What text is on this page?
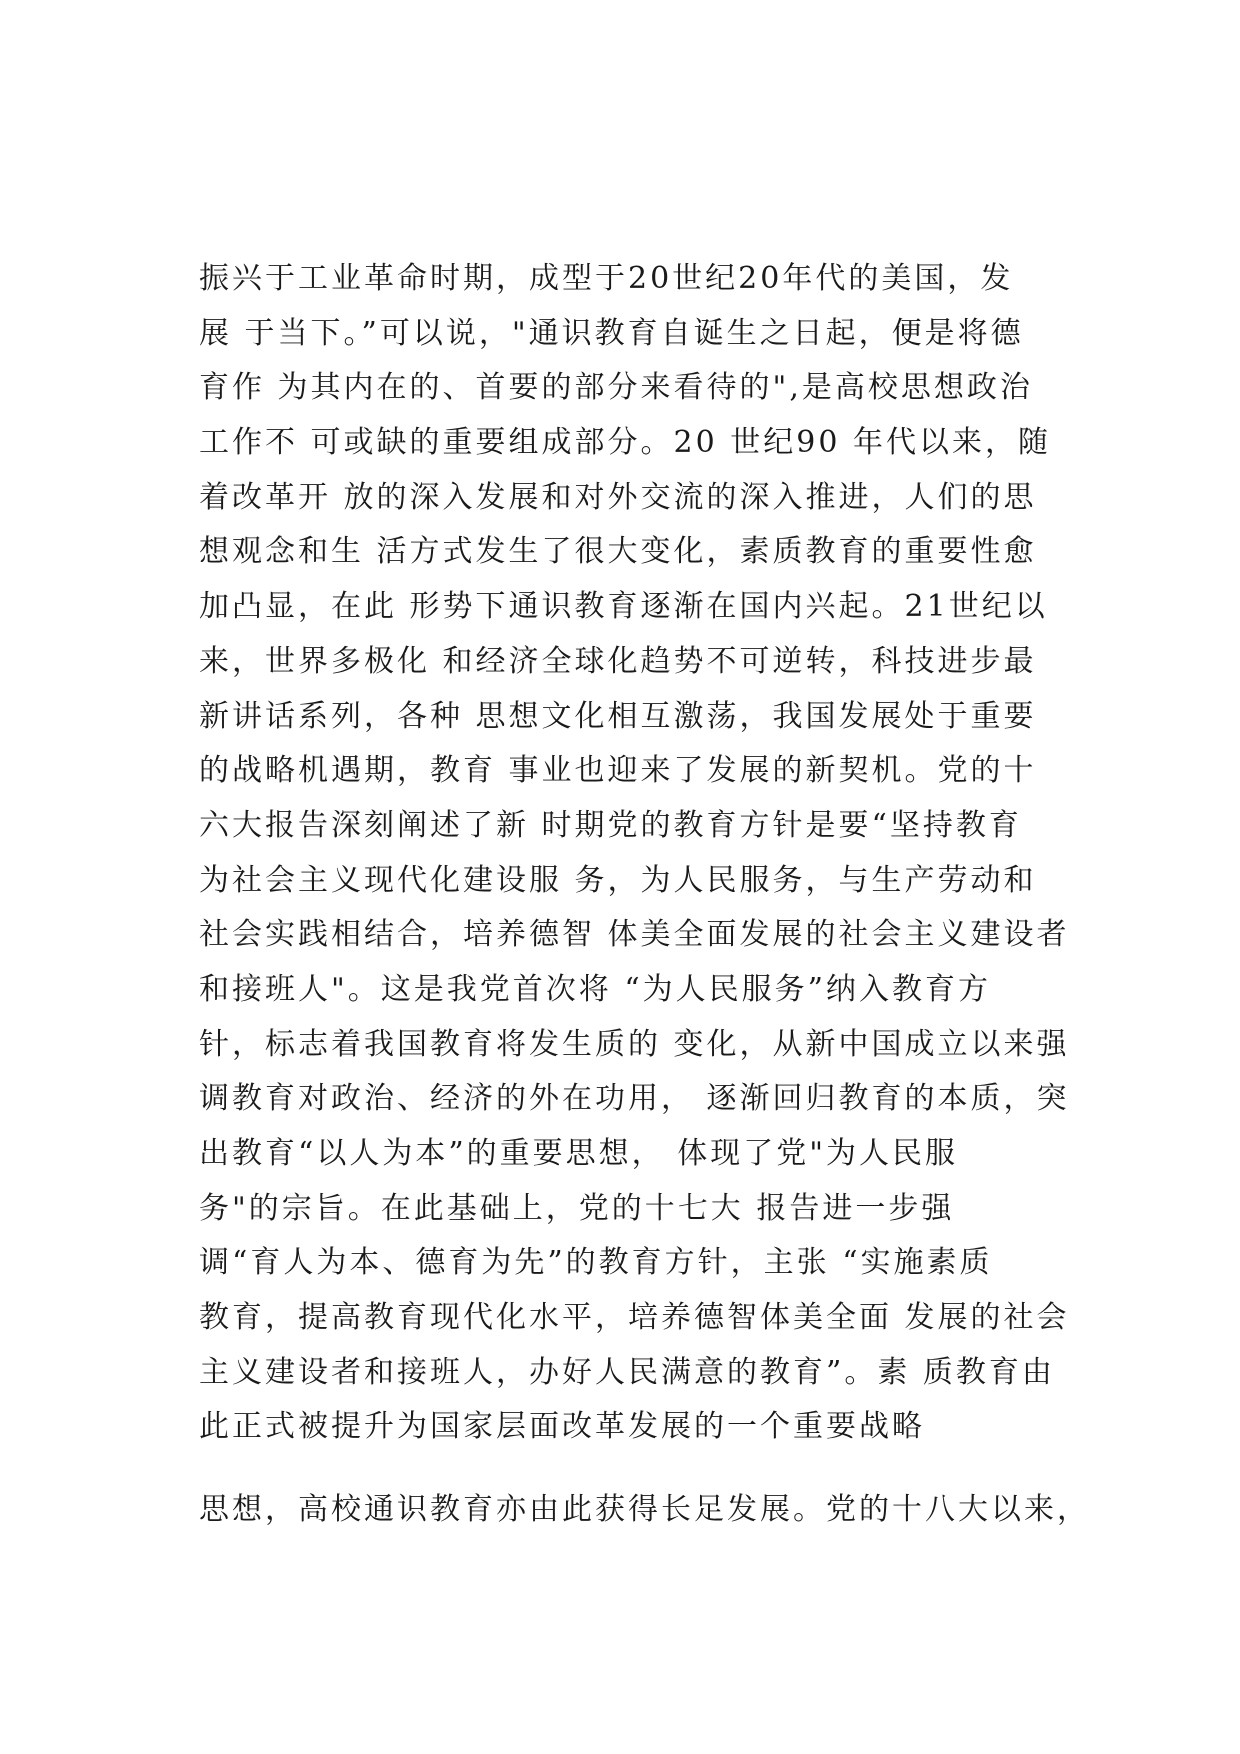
振兴于工业革命时期，成型于20世纪20年代的美国，发
展 于当下。”可以说，"通识教育自诞生之日起，便是将德
育作 为其内在的、首要的部分来看待的",是高校思想政治
工作不 可或缺的重要组成部分。20 世纪90 年代以来，随
着改革开 放的深入发展和对外交流的深入推进，人们的思
想观念和生 活方式发生了很大变化，素质教育的重要性愈
加凸显，在此 形势下通识教育逐渐在国内兴起。21世纪以
来，世界多极化 和经济全球化趋势不可逆转，科技进步最
新讲话系列，各种 思想文化相互激荡，我国发展处于重要
的战略机遇期，教育 事业也迎来了发展的新契机。党的十
六大报告深刻阐述了新 时期党的教育方针是要“坚持教育
为社会主义现代化建设服 务，为人民服务，与生产劳动和
社会实践相结合，培养德智 体美全面发展的社会主义建设者
和接班人"。这是我党首次将 “为人民服务”纳入教育方
针，标志着我国教育将发生质的 变化，从新中国成立以来强
调教育对政治、经济的外在功用， 逐渐回归教育的本质，突
出教育“以人为本”的重要思想， 体现了党"为人民服
务"的宗旨。在此基础上，党的十七大 报告进一步强
调“育人为本、德育为先”的教育方针，主张 “实施素质
教育，提高教育现代化水平，培养德智体美全面 发展的社会
主义建设者和接班人，办好人民满意的教育”。素 质教育由
此正式被提升为国家层面改革发展的一个重要战略
思想，高校通识教育亦由此获得长足发展。党的十八大以来，
